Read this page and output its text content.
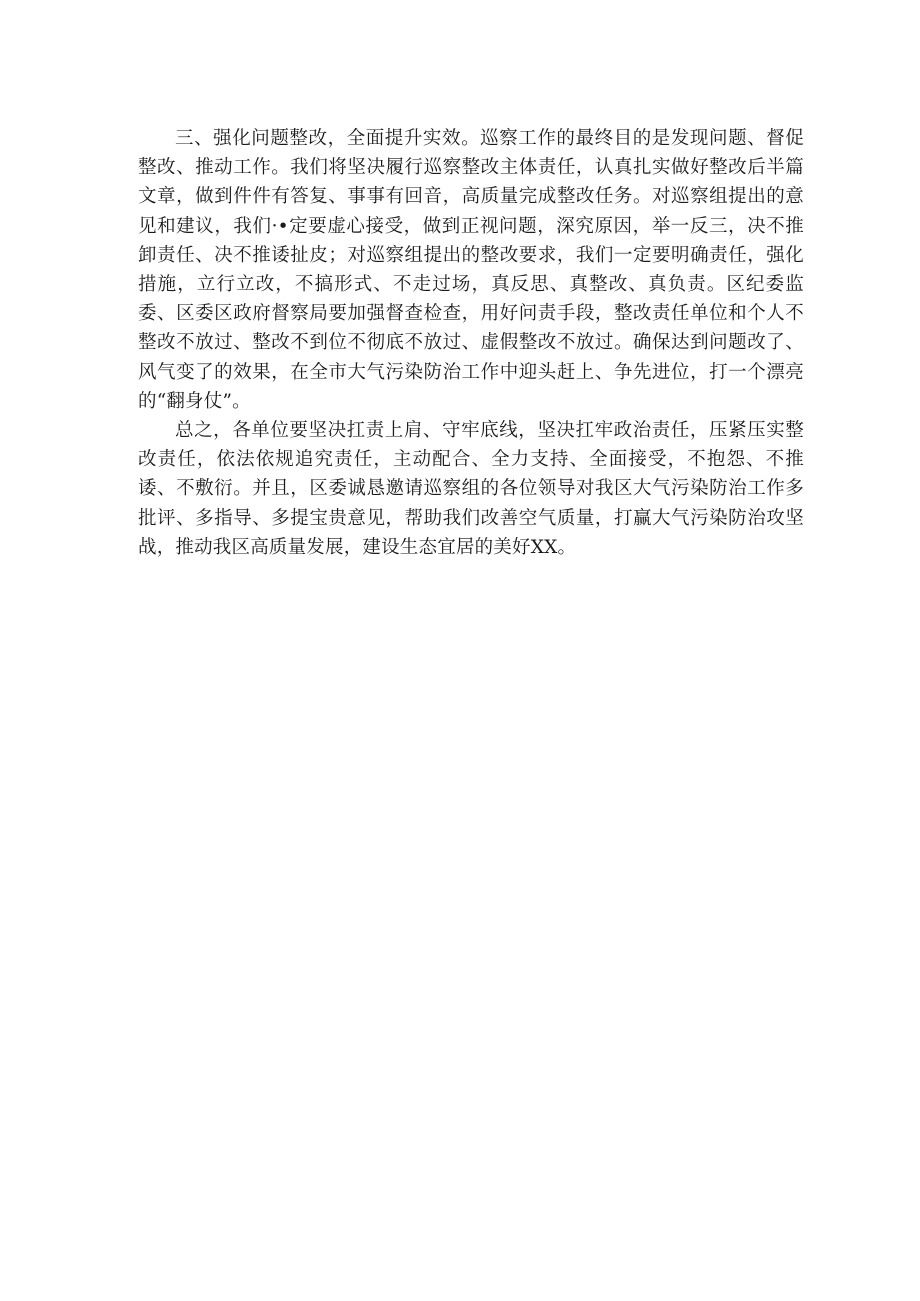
三、强化问题整改，全面提升实效。巡察工作的最终目的是发现问题、督促整改、推动工作。我们将坚决履行巡察整改主体责任，认真扎实做好整改后半篇文章，做到件件有答复、事事有回音，高质量完成整改任务。对巡察组提出的意见和建议，我们·•定要虚心接受，做到正视问题，深究原因，举一反三，决不推卸责任、决不推诿扯皮；对巡察组提出的整改要求，我们一定要明确责任，强化措施，立行立改，不搞形式、不走过场，真反思、真整改、真负责。区纪委监委、区委区政府督察局要加强督查检查，用好问责手段，整改责任单位和个人不整改不放过、整改不到位不彻底不放过、虚假整改不放过。确保达到问题改了、风气变了的效果，在全市大气污染防治工作中迎头赶上、争先进位，打一个漂亮的“翻身仗”。

总之，各单位要坚决扛责上肩、守牢底线，坚决扛牢政治责任，压紧压实整改责任，依法依规追究责任，主动配合、全力支持、全面接受，不抱怨、不推诿、不敷衍。并且，区委诚恳邀请巡察组的各位领导对我区大气污染防治工作多批评、多指导、多提宝贵意见，帮助我们改善空气质量，打赢大气污染防治攻坚战，推动我区高质量发展，建设生态宜居的美好XX。
